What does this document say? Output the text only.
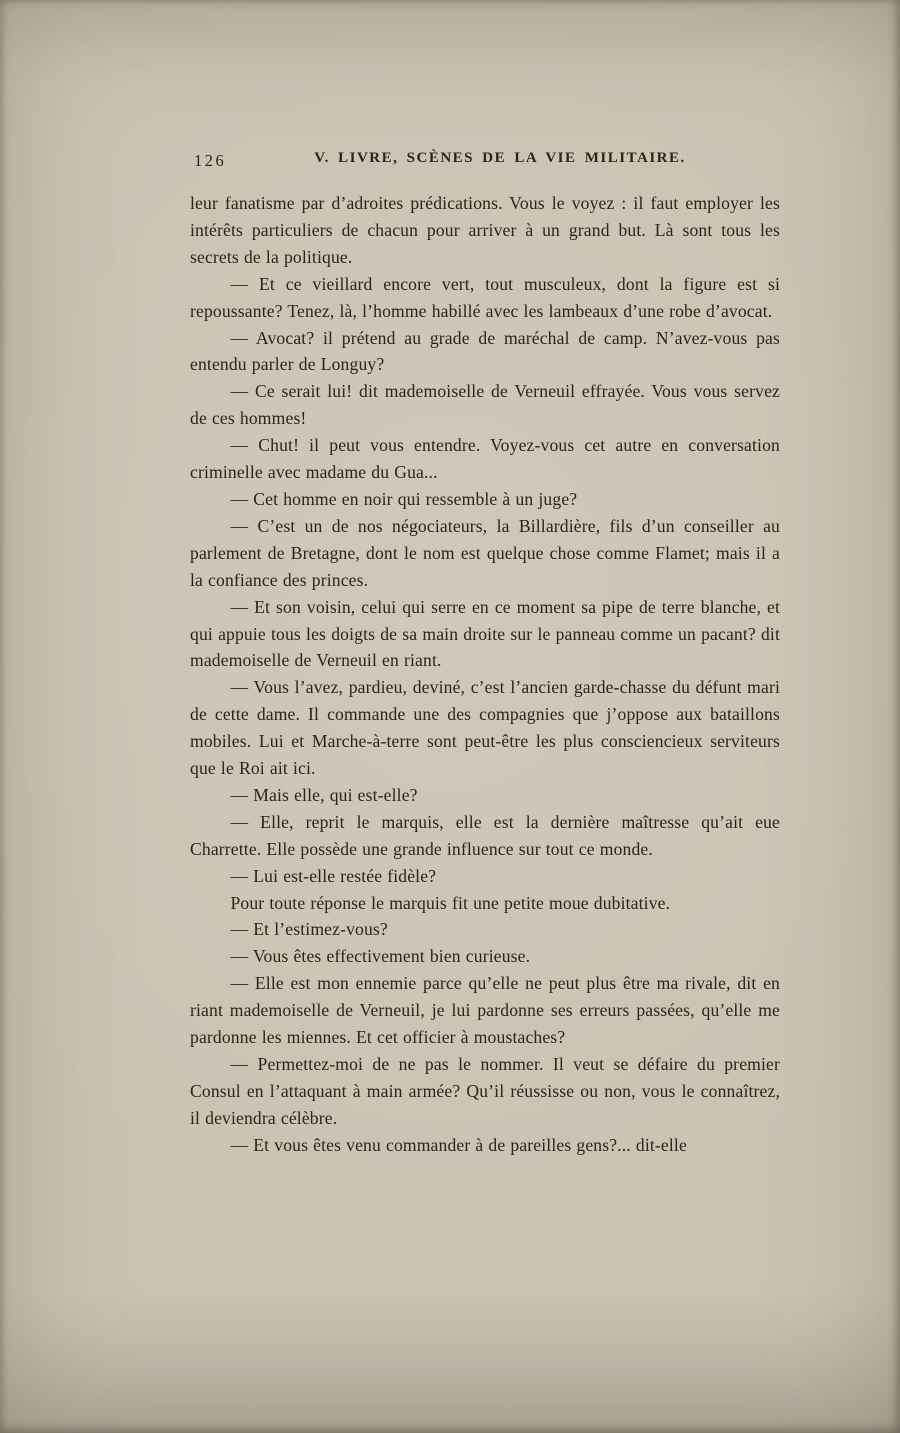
126	V. LIVRE, SCÈNES DE LA VIE MILITAIRE.

leur fanatisme par d’adroites prédications. Vous le voyez : il faut employer les intérêts particuliers de chacun pour arriver à un grand but. Là sont tous les secrets de la politique.

— Et ce vieillard encore vert, tout musculeux, dont la figure est si repoussante? Tenez, là, l’homme habillé avec les lambeaux d’une robe d’avocat.

— Avocat? il prétend au grade de maréchal de camp. N’avez-vous pas entendu parler de Longuy?

— Ce serait lui! dit mademoiselle de Verneuil effrayée. Vous vous servez de ces hommes!

— Chut! il peut vous entendre. Voyez-vous cet autre en conversation criminelle avec madame du Gua...

— Cet homme en noir qui ressemble à un juge?

— C’est un de nos négociateurs, la Billardière, fils d’un conseiller au parlement de Bretagne, dont le nom est quelque chose comme Flamet; mais il a la confiance des princes.

— Et son voisin, celui qui serre en ce moment sa pipe de terre blanche, et qui appuie tous les doigts de sa main droite sur le panneau comme un pacant? dit mademoiselle de Verneuil en riant.

— Vous l’avez, pardieu, deviné, c’est l’ancien garde-chasse du défunt mari de cette dame. Il commande une des compagnies que j’oppose aux bataillons mobiles. Lui et Marche-à-terre sont peut-être les plus consciencieux serviteurs que le Roi ait ici.

— Mais elle, qui est-elle?

— Elle, reprit le marquis, elle est la dernière maîtresse qu’ait eue Charrette. Elle possède une grande influence sur tout ce monde.

— Lui est-elle restée fidèle?

Pour toute réponse le marquis fit une petite moue dubitative.

— Et l’estimez-vous?

— Vous êtes effectivement bien curieuse.

— Elle est mon ennemie parce qu’elle ne peut plus être ma rivale, dit en riant mademoiselle de Verneuil, je lui pardonne ses erreurs passées, qu’elle me pardonne les miennes. Et cet officier à moustaches?

— Permettez-moi de ne pas le nommer. Il veut se défaire du premier Consul en l’attaquant à main armée? Qu’il réussisse ou non, vous le connaîtrez, il deviendra célèbre.

— Et vous êtes venu commander à de pareilles gens?... dit-elle
